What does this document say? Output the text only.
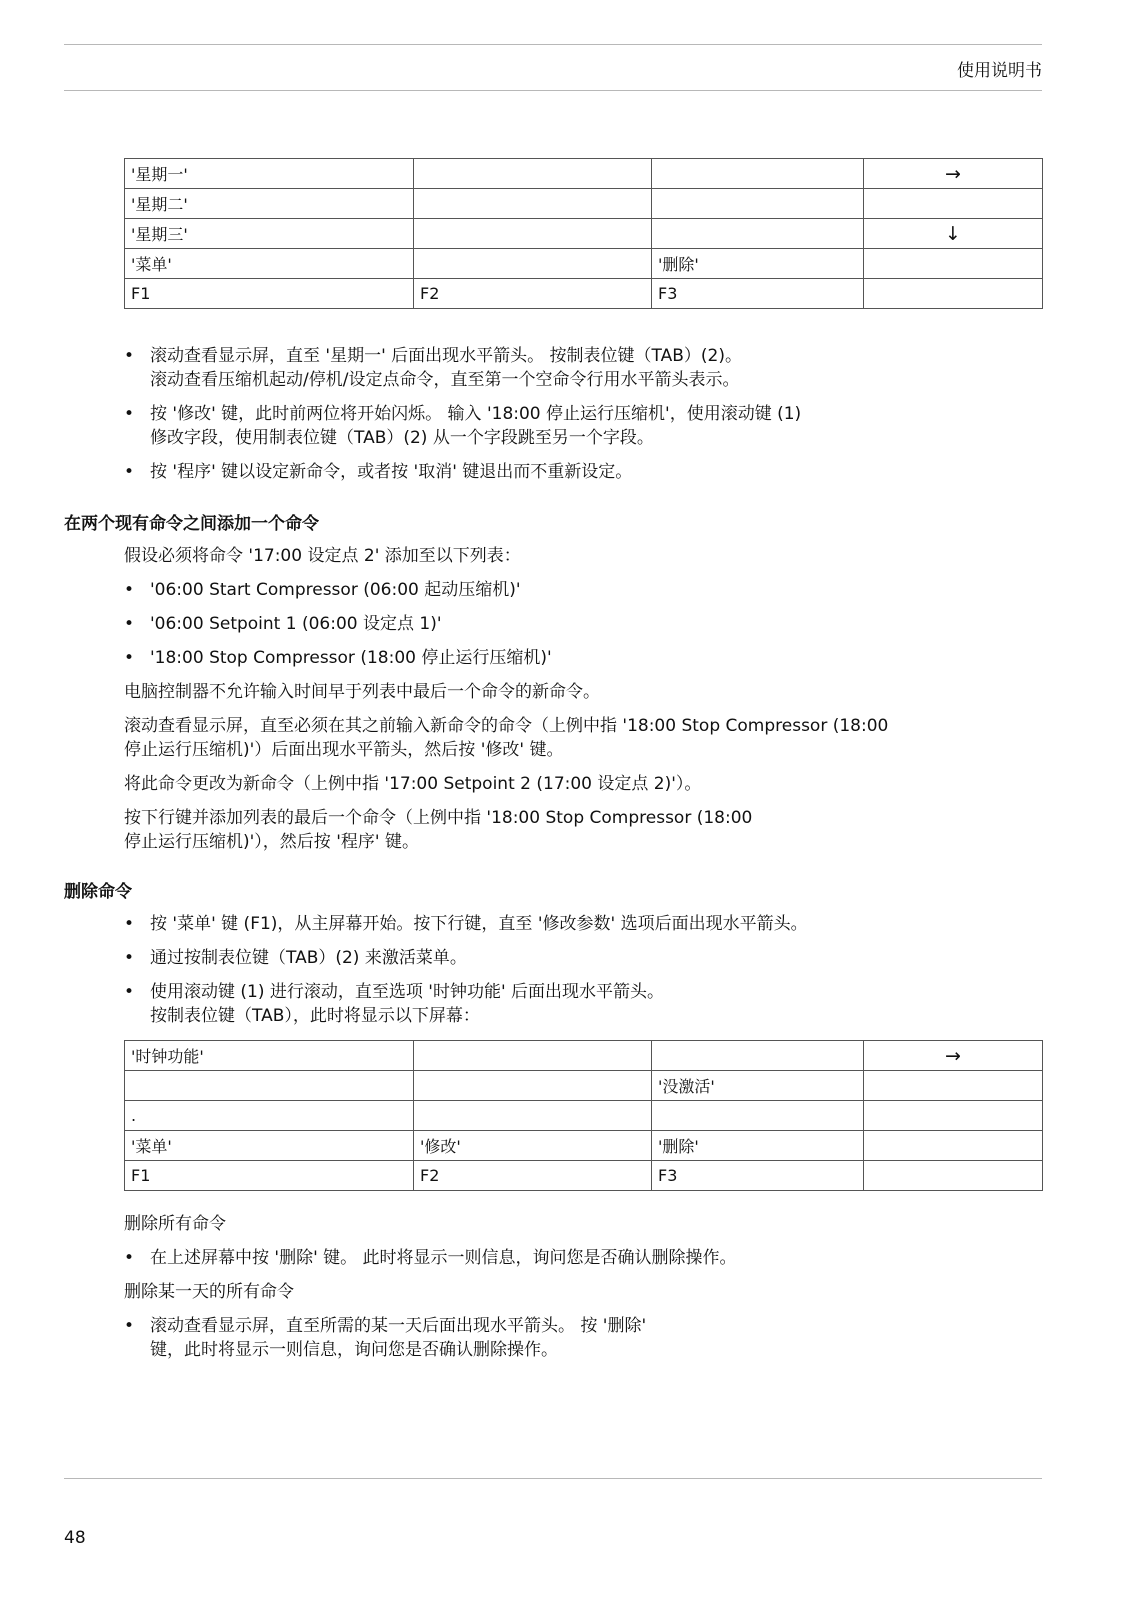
使用说明书
'星期一'			→
'星期二'			
'星期三'			↓
'菜单'		'删除'	
F1	F2	F3	
• 滚动查看显示屏，直至 '星期一' 后面出现水平箭头。 按制表位键（TAB）(2)。
滚动查看压缩机起动/停机/设定点命令，直至第一个空命令行用水平箭头表示。
• 按 '修改' 键，此时前两位将开始闪烁。 输入 '18:00 停止运行压缩机'，使用滚动键 (1)
修改字段，使用制表位键（TAB）(2) 从一个字段跳至另一个字段。
• 按 '程序' 键以设定新命令，或者按 '取消' 键退出而不重新设定。
在两个现有命令之间添加一个命令
假设必须将命令 '17:00 设定点 2' 添加至以下列表：
• '06:00 Start Compressor (06:00 起动压缩机)'
• '06:00 Setpoint 1 (06:00 设定点 1)'
• '18:00 Stop Compressor (18:00 停止运行压缩机)'
电脑控制器不允许输入时间早于列表中最后一个命令的新命令。
滚动查看显示屏，直至必须在其之前输入新命令的命令（上例中指 '18:00 Stop Compressor (18:00
停止运行压缩机)'）后面出现水平箭头，然后按 '修改' 键。
将此命令更改为新命令（上例中指 '17:00 Setpoint 2 (17:00 设定点 2)'）。
按下行键并添加列表的最后一个命令（上例中指 '18:00 Stop Compressor (18:00
停止运行压缩机)'），然后按 '程序' 键。
删除命令
• 按 '菜单' 键 (F1)，从主屏幕开始。按下行键，直至 '修改参数' 选项后面出现水平箭头。
• 通过按制表位键（TAB）(2) 来激活菜单。
• 使用滚动键 (1) 进行滚动，直至选项 '时钟功能' 后面出现水平箭头。
按制表位键（TAB），此时将显示以下屏幕：
'时钟功能'			→
		'没激活'	
.			
'菜单'	'修改'	'删除'	
F1	F2	F3	
删除所有命令
• 在上述屏幕中按 '删除' 键。 此时将显示一则信息，询问您是否确认删除操作。
删除某一天的所有命令
• 滚动查看显示屏，直至所需的某一天后面出现水平箭头。 按 '删除'
键，此时将显示一则信息，询问您是否确认删除操作。
48
